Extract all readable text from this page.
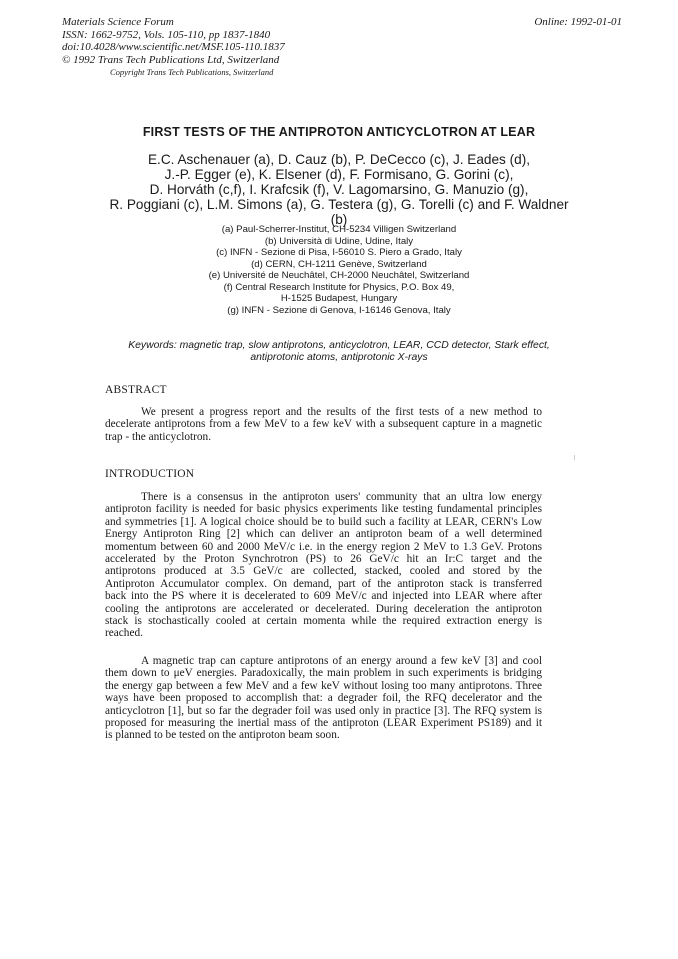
Materials Science Forum
ISSN: 1662-9752, Vols. 105-110, pp 1837-1840
doi:10.4028/www.scientific.net/MSF.105-110.1837
© 1992 Trans Tech Publications Ltd, Switzerland
Copyright Trans Tech Publications, Switzerland
Online: 1992-01-01
FIRST TESTS OF THE ANTIPROTON ANTICYCLOTRON AT LEAR
E.C. Aschenauer (a), D. Cauz (b), P. DeCecco (c), J. Eades (d),
J.-P. Egger (e), K. Elsener (d), F. Formisano, G. Gorini (c),
D. Horváth (c,f), I. Krafcsik (f), V. Lagomarsino, G. Manuzio (g),
R. Poggiani (c), L.M. Simons (a), G. Testera (g), G. Torelli (c) and F. Waldner
(b)
(a) Paul-Scherrer-Institut, CH-5234 Villigen Switzerland
(b) Università di Udine, Udine, Italy
(c) INFN - Sezione di Pisa, I-56010 S. Piero a Grado, Italy
(d) CERN, CH-1211 Genève, Switzerland
(e) Université de Neuchâtel, CH-2000 Neuchâtel, Switzerland
(f) Central Research Institute for Physics, P.O. Box 49,
H-1525 Budapest, Hungary
(g) INFN - Sezione di Genova, I-16146 Genova, Italy
Keywords: magnetic trap, slow antiprotons, anticyclotron, LEAR, CCD detector, Stark effect,
antiprotonic atoms, antiprotonic X-rays
ABSTRACT
We present a progress report and the results of the first tests of a new method to
decelerate antiprotons from a few MeV to a few keV with a subsequent capture in a magnetic
trap - the anticyclotron.
INTRODUCTION
There is a consensus in the antiproton users' community that an ultra low energy
antiproton facility is needed for basic physics experiments like testing fundamental principles
and symmetries [1]. A logical choice should be to build such a facility at LEAR, CERN's Low
Energy Antiproton Ring [2] which can deliver an antiproton beam of a well determined
momentum between 60 and 2000 MeV/c i.e. in the energy region 2 MeV to 1.3 GeV. Protons
accelerated by the Proton Synchrotron (PS) to 26 GeV/c hit an Ir:C target and the
antiprotons produced at 3.5 GeV/c are collected, stacked, cooled and stored by the
Antiproton Accumulator complex. On demand, part of the antiproton stack is transferred
back into the PS where it is decelerated to 609 MeV/c and injected into LEAR where after
cooling the antiprotons are accelerated or decelerated. During deceleration the antiproton
stack is stochastically cooled at certain momenta while the required extraction energy is
reached.
A magnetic trap can capture antiprotons of an energy around a few keV [3] and cool
them down to μeV energies. Paradoxically, the main problem in such experiments is bridging
the energy gap between a few MeV and a few keV without losing too many antiprotons. Three
ways have been proposed to accomplish that: a degrader foil, the RFQ decelerator and the
anticyclotron [1], but so far the degrader foil was used only in practice [3]. The RFQ system is
proposed for measuring the inertial mass of the antiproton (LEAR Experiment PS189) and it
is planned to be tested on the antiproton beam soon.
